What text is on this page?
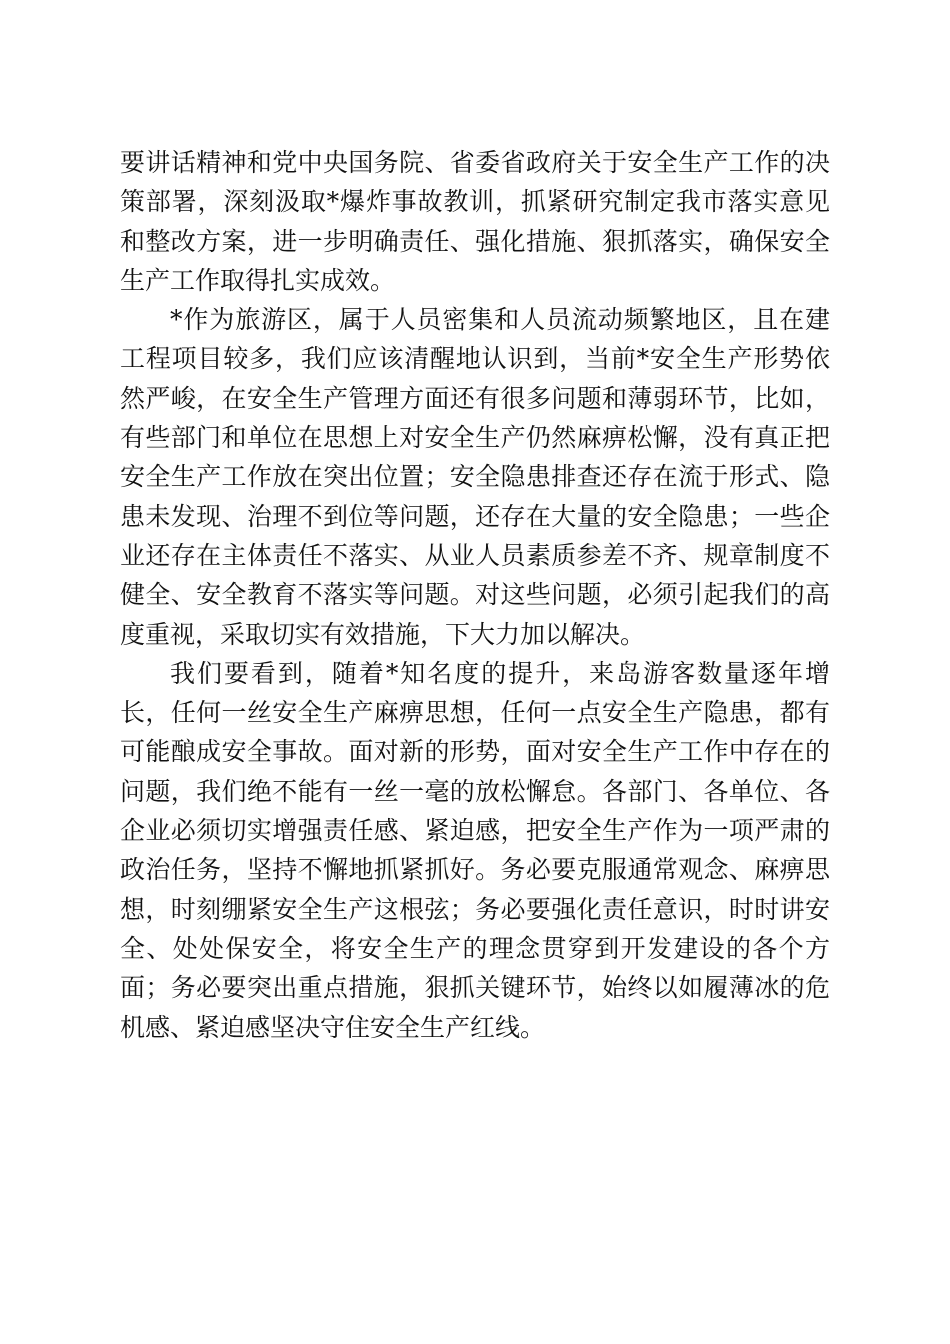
要讲话精神和党中央国务院、省委省政府关于安全生产工作的决策部署，深刻汲取*爆炸事故教训，抓紧研究制定我市落实意见和整改方案，进一步明确责任、强化措施、狠抓落实，确保安全生产工作取得扎实成效。

*作为旅游区，属于人员密集和人员流动频繁地区，且在建工程项目较多，我们应该清醒地认识到，当前*安全生产形势依然严峻，在安全生产管理方面还有很多问题和薄弱环节，比如，有些部门和单位在思想上对安全生产仍然麻痹松懈，没有真正把安全生产工作放在突出位置；安全隐患排查还存在流于形式、隐患未发现、治理不到位等问题，还存在大量的安全隐患；一些企业还存在主体责任不落实、从业人员素质参差不齐、规章制度不健全、安全教育不落实等问题。对这些问题，必须引起我们的高度重视，采取切实有效措施，下大力加以解决。

我们要看到，随着*知名度的提升，来岛游客数量逐年增长，任何一丝安全生产麻痹思想，任何一点安全生产隐患，都有可能酿成安全事故。面对新的形势，面对安全生产工作中存在的问题，我们绝不能有一丝一毫的放松懈怠。各部门、各单位、各企业必须切实增强责任感、紧迫感，把安全生产作为一项严肃的政治任务，坚持不懈地抓紧抓好。务必要克服通常观念、麻痹思想，时刻绷紧安全生产这根弦；务必要强化责任意识，时时讲安全、处处保安全，将安全生产的理念贯穿到开发建设的各个方面；务必要突出重点措施，狠抓关键环节，始终以如履薄冰的危机感、紧迫感坚决守住安全生产红线。
